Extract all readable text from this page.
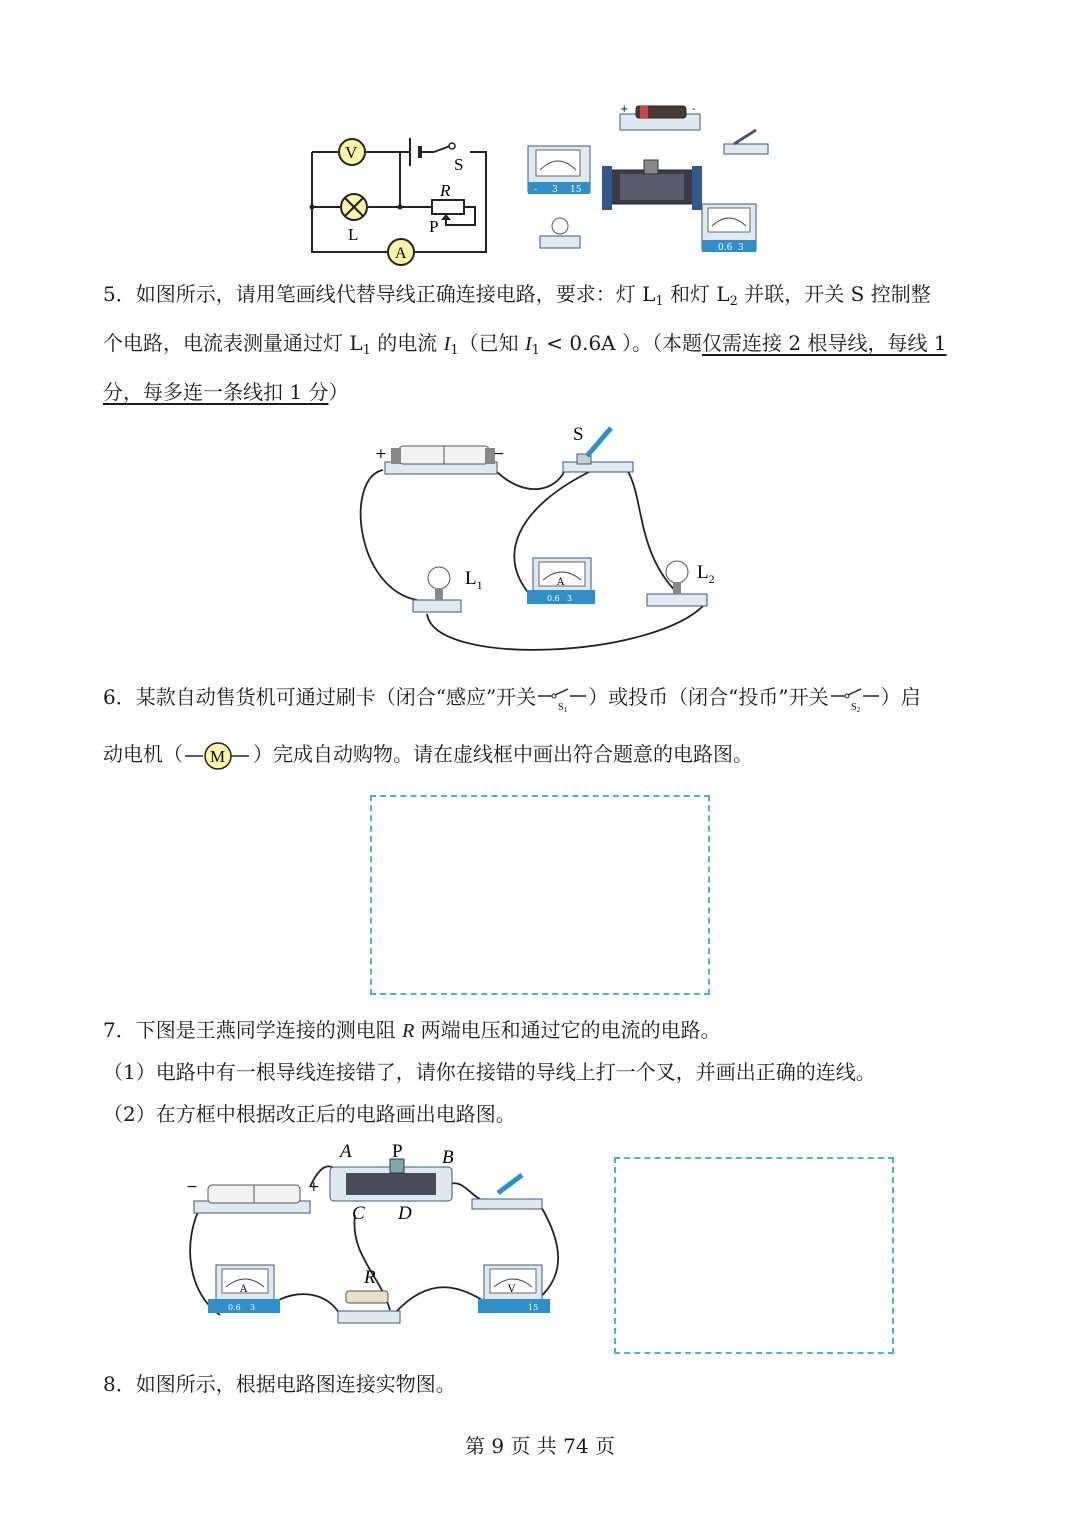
V
S
R
L	P
A
+	-
- 3 15
0.6 3
5．如图所示，请用笔画线代替导线正确连接电路，要求：灯 $L_1$ 和灯 $L_2$ 并联，开关 S 控制整
个电路，电流表测量通过灯 $L_1$ 的电流 $I_1$（已知 $I_1 < 0.6A$ ）。（本题仅需连接 2 根导线，每线 1
分，每多连一条线扣 1 分）
+	−
S
$L_1$	A
0.6 3
$L_2$
6．某款自动售货机可通过刷卡（闭合“感应”开关 $S_1$
）或投币（闭合“投币”开关 $S_2$
）启
动电机（ M ）完成自动购物。请在虚线框中画出符合题意的电路图。
7．下图是王燕同学连接的测电阻 R 两端电压和通过它的电流的电路。
（1）电路中有一根导线连接错了，请你在接错的导线上打一个叉，并画出正确的连线。
（2）在方框中根据改正后的电路画出电路图。
−	+
A P B
C D
A
0.6 3
R
V
15
8．如图所示，根据电路图连接实物图。
第 9 页 共 74 页
